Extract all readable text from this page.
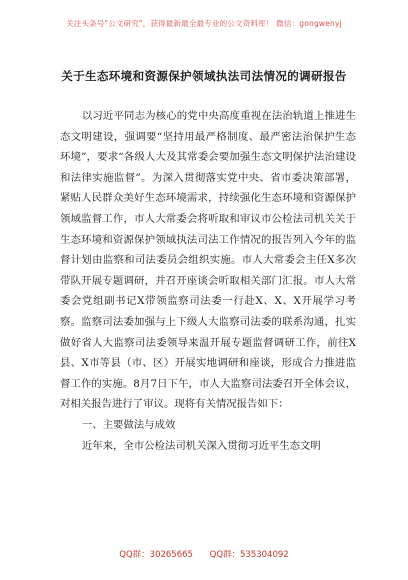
关注头条号"公文研究"，获得最新最全最专业的公文资料库！ 微信：gongwenyj
关于生态环境和资源保护领域执法司法情况的调研报告

以习近平同志为核心的党中央高度重视在法治轨道上推进生态文明建设，强调要“坚持用最严格制度、最严密法治保护生态环境”，要求“各级人大及其常委会要加强生态文明保护法治建设和法律实施监督”。为深入贯彻落实党中央、省市委决策部署，紧贴人民群众美好生态环境需求，持续强化生态环境和资源保护领域监督工作，市人大常委会将听取和审议市公检法司机关关于生态环境和资源保护领域执法司法工作情况的报告列入今年的监督计划由监察和司法委员会组织实施。市人大常委会主任X多次带队开展专题调研，并召开座谈会听取相关部门汇报。市人大常委会党组副书记X带领监察司法委一行赴X、X、X开展学习考察。监察司法委加强与上下级人大监察司法委的联系沟通，扎实做好省人大监察司法委领导来温开展专题监督调研工作，前往X县、X市等县（市、区）开展实地调研和座谈，形成合力推进监督工作的实施。8月7日下午，市人大监察司法委召开全体会议，对相关报告进行了审议。现将有关情况报告如下：

一、主要做法与成效

近年来，全市公检法司机关深入贯彻习近平生态文明

QQ群：30265665 QQ群：535304092
